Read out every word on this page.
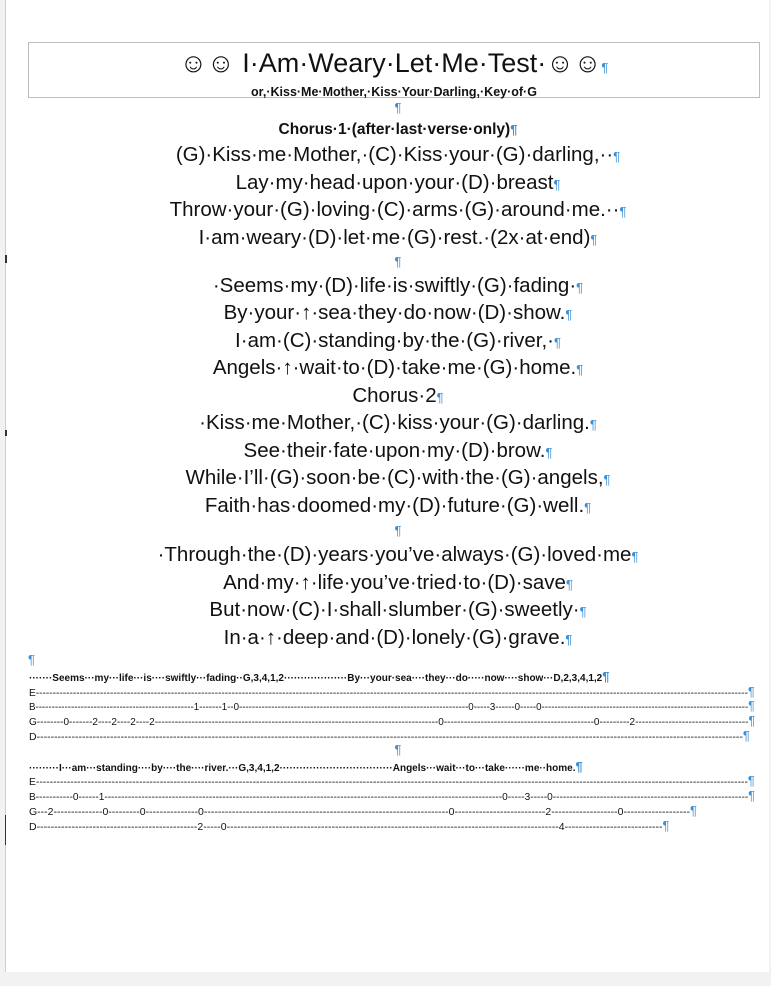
☺☺ I·Am·Weary·Let·Me·Test·☺☺¶
or,·Kiss·Me·Mother,·Kiss·Your·Darling,·Key·of·G
¶
Chorus·1·(after·last·verse·only)¶
(G)·Kiss·me·Mother,·(C)·Kiss·your·(G)·darling,··¶
Lay·my·head·upon·your·(D)·breast¶
Throw·your·(G)·loving·(C)·arms·(G)·around·me.··¶
I·am·weary·(D)·let·me·(G)·rest.·(2x·at·end)¶
¶
·Seems·my·(D)·life·is·swiftly·(G)·fading·¶
By·your·↑·sea·they·do·now·(D)·show.¶
I·am·(C)·standing·by·the·(G)·river,·¶
Angels·↑·wait·to·(D)·take·me·(G)·home.¶
Chorus·2¶
·Kiss·me·Mother,·(C)·kiss·your·(G)·darling.¶
See·their·fate·upon·my·(D)·brow.¶
While·I’ll·(G)·soon·be·(C)·with·the·(G)·angels,¶
Faith·has·doomed·my·(D)·future·(G)·well.¶
¶
·Through·the·(D)·years·you’ve·always·(G)·loved·me¶
And·my·↑·life·you’ve·tried·to·(D)·save¶
But·now·(C)·I·shall·slumber·(G)·sweetly·¶
In·a·↑·deep·and·(D)·lonely·(G)·grave.¶
¶
·······Seems···my···life···is····swiftly···fading··G,3,4,1,2···················By···your·sea····they···do·····now····show···D,2,3,4,1,2¶
E-------------------------------------------------------------------------------------------------------------------------------------------------------------------------------------------------------------------¶
B-------------------------------------------------1-------1--0-----------------------------------------------------------------------0-----3------0-----0----------------------------------------------------------------¶
G--------0-------2----2----2----2-------------------------------------------------------------------------------------0---------------------------------------------0---------2----------------------------------¶
D----------------------------------------------------------------------------------------------------------------------------------------------------------------------------------------------------------¶
¶
·········I···am···standing····by····the····river.···G,3,4,1,2··································Angels···wait···to···take······me··home.¶
E---------------------------------------------------------------------------------------------------------------------------------------------------------------------------------------------------------------¶
B-----------0------1----------------------------------------------------------------------------------------------------------------------0-----3-----0----------------------------------------------------------¶
G---2--------------0---------0---------------0----------------------------------------------------------------------0--------------------------2-------------------0-------------------¶
D----------------------------------------------2-----0-----------------------------------------------------------------------------------------------4----------------------------¶
